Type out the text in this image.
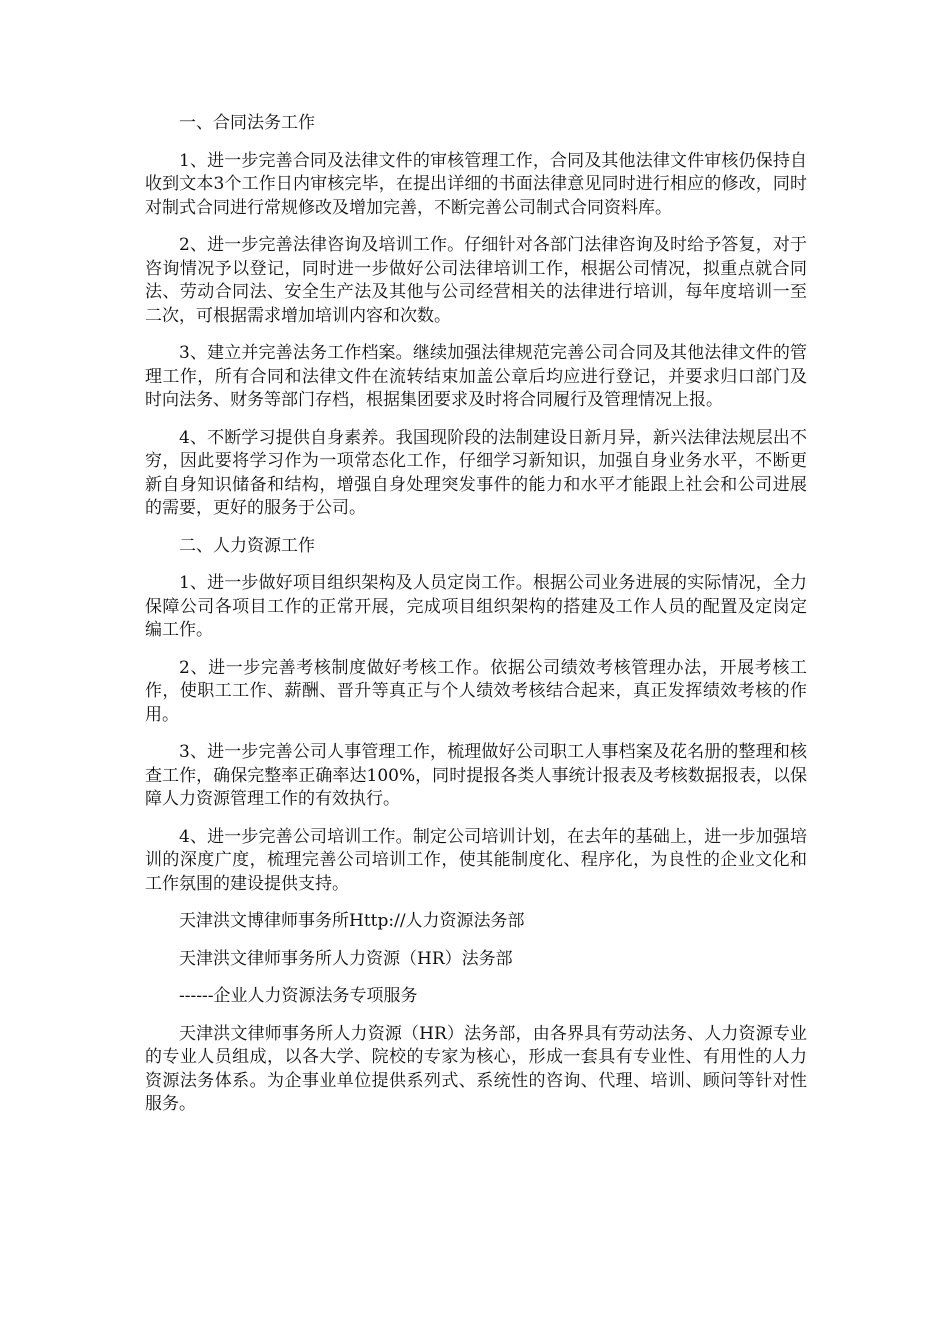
一、合同法务工作

1、进一步完善合同及法律文件的审核管理工作，合同及其他法律文件审核仍保持自收到文本3个工作日内审核完毕，在提出详细的书面法律意见同时进行相应的修改，同时对制式合同进行常规修改及增加完善，不断完善公司制式合同资料库。

2、进一步完善法律咨询及培训工作。仔细针对各部门法律咨询及时给予答复，对于咨询情况予以登记，同时进一步做好公司法律培训工作，根据公司情况，拟重点就合同法、劳动合同法、安全生产法及其他与公司经营相关的法律进行培训，每年度培训一至二次，可根据需求增加培训内容和次数。

3、建立并完善法务工作档案。继续加强法律规范完善公司合同及其他法律文件的管理工作，所有合同和法律文件在流转结束加盖公章后均应进行登记，并要求归口部门及时向法务、财务等部门存档，根据集团要求及时将合同履行及管理情况上报。

4、不断学习提供自身素养。我国现阶段的法制建设日新月异，新兴法律法规层出不穷，因此要将学习作为一项常态化工作，仔细学习新知识，加强自身业务水平，不断更新自身知识储备和结构，增强自身处理突发事件的能力和水平才能跟上社会和公司进展的需要，更好的服务于公司。

二、人力资源工作

1、进一步做好项目组织架构及人员定岗工作。根据公司业务进展的实际情况，全力保障公司各项目工作的正常开展，完成项目组织架构的搭建及工作人员的配置及定岗定编工作。

2、进一步完善考核制度做好考核工作。依据公司绩效考核管理办法，开展考核工作，使职工工作、薪酬、晋升等真正与个人绩效考核结合起来，真正发挥绩效考核的作用。

3、进一步完善公司人事管理工作，梳理做好公司职工人事档案及花名册的整理和核查工作，确保完整率正确率达100%，同时提报各类人事统计报表及考核数据报表，以保障人力资源管理工作的有效执行。

4、进一步完善公司培训工作。制定公司培训计划，在去年的基础上，进一步加强培训的深度广度，梳理完善公司培训工作，使其能制度化、程序化，为良性的企业文化和工作氛围的建设提供支持。

天津洪文博律师事务所Http://人力资源法务部

天津洪文律师事务所人力资源（HR）法务部

------企业人力资源法务专项服务

天津洪文律师事务所人力资源（HR）法务部，由各界具有劳动法务、人力资源专业的专业人员组成，以各大学、院校的专家为核心，形成一套具有专业性、有用性的人力资源法务体系。为企事业单位提供系列式、系统性的咨询、代理、培训、顾问等针对性服务。
